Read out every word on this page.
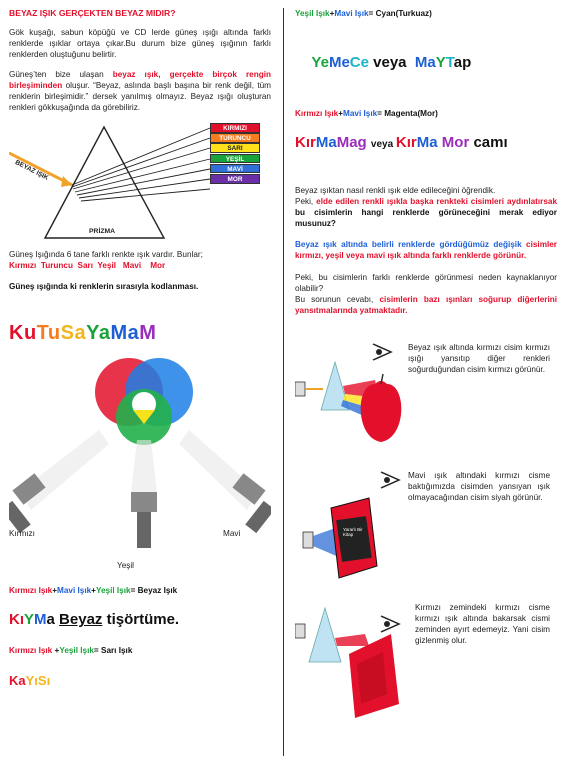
BEYAZ IŞIK GERÇEKTEN BEYAZ MIDIR?

Gök kuşağı, sabun köpüğü ve CD lerde güneş ışığı altında farklı renklerde ışıklar ortaya çıkar.Bu durum bize güneş ışığının farklı renklerden oluştuğunu belirtir.

Güneş’ten bize ulaşan beyaz ışık, gerçekte birçok rengin birleşiminden oluşur. “Beyaz, aslında başlı başına bir renk değil, tüm renklerin birleşimidir.” dersek yanılmış olmayız. Beyaz ışığı oluşturan renkleri gökkuşağında da görebiliriz.

BEYAZ IŞIK
PRİZMA
KIRMIZI
TURUNCU
SARI
YEŞİL
MAVİ
MOR

Güneş Işığında 6 tane farklı renkte ışık vardır. Bunlar;

Kırmızı  Turuncu  Sarı  Yeşil   Mavi    Mor

Güneş ışığında ki renklerin sırasıyla kodlanması.

KuTuSaYaMaM
Kırmızı	Mavi
Yeşil

Kırmızı Işık+Mavi Işık+Yeşil Işık= Beyaz Işık

KıYMa Beyaz tişörtüme.

Kırmızı Işık +Yeşil Işık= Sarı Işık

KaYıSı

Yeşil Işık+Mavi Işık= Cyan(Turkuaz)

YeMeCe veya  MaYTap

Kırmızı Işık+Mavi Işık= Magenta(Mor)

KırMaMag veya KırMa Mor camı

Beyaz ışıktan nasıl renkli ışık elde edileceğini öğrendik.

Peki, elde edilen renkli ışıkla başka renkteki cisimleri aydınlatırsak bu cisimlerin hangi renklerde görüneceğini merak ediyor musunuz?

Beyaz ışık altında belirli renklerde gördüğümüz değişik cisimler kırmızı, yeşil veya mavi ışık altında farklı renklerde görünür.

Peki, bu cisimlerin farklı renklerde görünmesi neden kaynaklanıyor olabilir?

Bu sorunun cevabı, cisimlerin bazı ışınları soğurup diğerlerini yansıtmalarında yatmaktadır.

Beyaz ışık altında kırmızı cisim kırmızı ışığı yansıtıp diğer renkleri soğurduğundan cisim kırmızı görünür.

Yararlı Bir Kitap

Mavi ışık altındaki kırmızı cisme baktığımızda cisimden yansıyan ışık olmayacağından cisim siyah görünür.

Kırmızı zemindeki kırmızı cisme kırmızı ışık altında bakarsak cismi zeminden ayırt edemeyiz. Yani cisim gizlenmiş olur.
